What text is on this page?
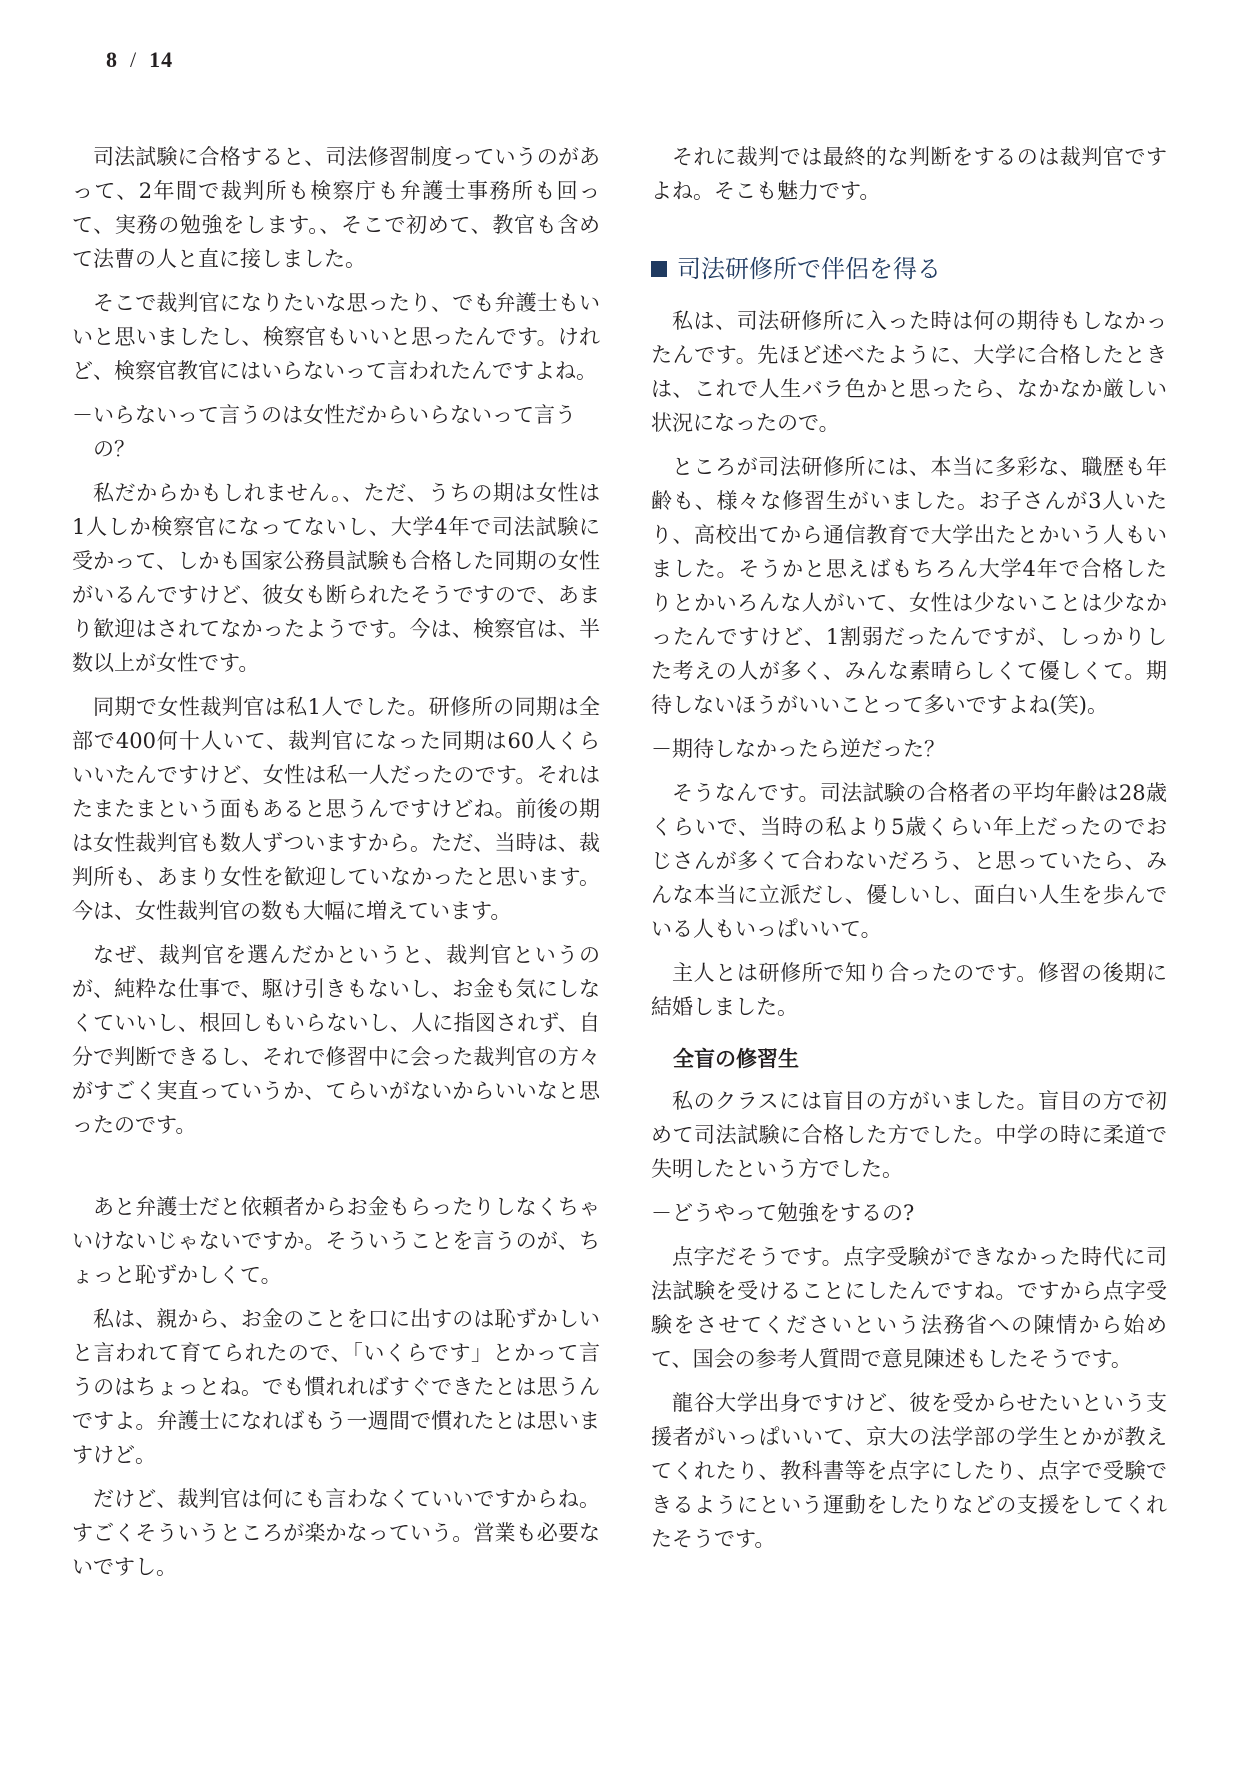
8 / 14

司法試験に合格すると、司法修習制度っていうのがあって、2年間で裁判所も検察庁も弁護士事務所も回って、実務の勉強をします。、そこで初めて、教官も含めて法曹の人と直に接しました。

そこで裁判官になりたいな思ったり、でも弁護士もいいと思いましたし、検察官もいいと思ったんです。けれど、検察官教官にはいらないって言われたんですよね。

－いらないって言うのは女性だからいらないって言うの？

私だからかもしれません。、ただ、うちの期は女性は1人しか検察官になってないし、大学4年で司法試験に受かって、しかも国家公務員試験も合格した同期の女性がいるんですけど、彼女も断られたそうですので、あまり歓迎はされてなかったようです。今は、検察官は、半数以上が女性です。

同期で女性裁判官は私1人でした。研修所の同期は全部で400何十人いて、裁判官になった同期は60人くらいいたんですけど、女性は私一人だったのです。それはたまたまという面もあると思うんですけどね。前後の期は女性裁判官も数人ずついますから。ただ、当時は、裁判所も、あまり女性を歓迎していなかったと思います。今は、女性裁判官の数も大幅に増えています。

なぜ、裁判官を選んだかというと、裁判官というのが、純粋な仕事で、駆け引きもないし、お金も気にしなくていいし、根回しもいらないし、人に指図されず、自分で判断できるし、それで修習中に会った裁判官の方々がすごく実直っていうか、てらいがないからいいなと思ったのです。

あと弁護士だと依頼者からお金もらったりしなくちゃいけないじゃないですか。そういうことを言うのが、ちょっと恥ずかしくて。

私は、親から、お金のことを口に出すのは恥ずかしいと言われて育てられたので、「いくらです」とかって言うのはちょっとね。でも慣れればすぐできたとは思うんですよ。弁護士になればもう一週間で慣れたとは思いますけど。

だけど、裁判官は何にも言わなくていいですからね。すごくそういうところが楽かなっていう。営業も必要ないですし。

それに裁判では最終的な判断をするのは裁判官ですよね。そこも魅力です。

司法研修所で伴侶を得る

私は、司法研修所に入った時は何の期待もしなかったんです。先ほど述べたように、大学に合格したときは、これで人生バラ色かと思ったら、なかなか厳しい状況になったので。

ところが司法研修所には、本当に多彩な、職歴も年齢も、様々な修習生がいました。お子さんが3人いたり、高校出てから通信教育で大学出たとかいう人もいました。そうかと思えばもちろん大学4年で合格したりとかいろんな人がいて、女性は少ないことは少なかったんですけど、1割弱だったんですが、しっかりした考えの人が多く、みんな素晴らしくて優しくて。期待しないほうがいいことって多いですよね(笑)。

－期待しなかったら逆だった？

そうなんです。司法試験の合格者の平均年齢は28歳くらいで、当時の私より5歳くらい年上だったのでおじさんが多くて合わないだろう、と思っていたら、みんな本当に立派だし、優しいし、面白い人生を歩んでいる人もいっぱいいて。

主人とは研修所で知り合ったのです。修習の後期に結婚しました。

全盲の修習生

私のクラスには盲目の方がいました。盲目の方で初めて司法試験に合格した方でした。中学の時に柔道で失明したという方でした。

－どうやって勉強をするの?

点字だそうです。点字受験ができなかった時代に司法試験を受けることにしたんですね。ですから点字受験をさせてくださいという法務省への陳情から始めて、国会の参考人質問で意見陳述もしたそうです。

龍谷大学出身ですけど、彼を受からせたいという支援者がいっぱいいて、京大の法学部の学生とかが教えてくれたり、教科書等を点字にしたり、点字で受験できるようにという運動をしたりなどの支援をしてくれたそうです。
